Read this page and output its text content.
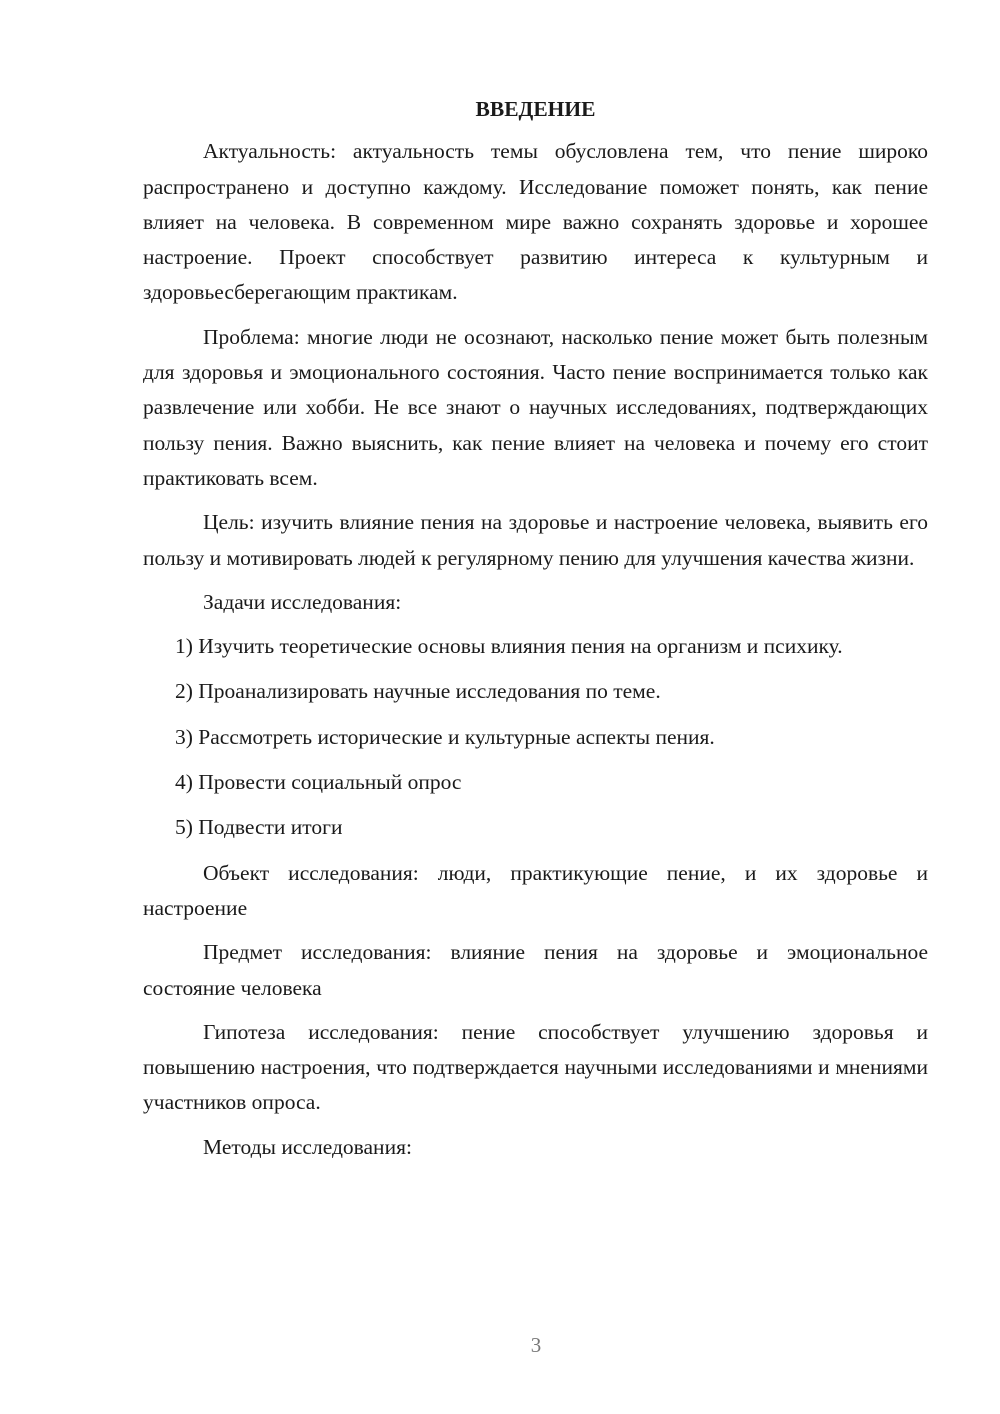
ВВЕДЕНИЕ

Актуальность: актуальность темы обусловлена тем, что пение широко распространено и доступно каждому. Исследование поможет понять, как пение влияет на человека. В современном мире важно сохранять здоровье и хорошее настроение. Проект способствует развитию интереса к культурным и здоровьесберегающим практикам.

Проблема: многие люди не осознают, насколько пение может быть полезным для здоровья и эмоционального состояния. Часто пение воспринимается только как развлечение или хобби. Не все знают о научных исследованиях, подтверждающих пользу пения. Важно выяснить, как пение влияет на человека и почему его стоит практиковать всем.

Цель: изучить влияние пения на здоровье и настроение человека, выявить его пользу и мотивировать людей к регулярному пению для улучшения качества жизни.

Задачи исследования:

1) Изучить теоретические основы влияния пения на организм и психику.

2) Проанализировать научные исследования по теме.

3) Рассмотреть исторические и культурные аспекты пения.

4) Провести социальный опрос

5) Подвести итоги

Объект исследования: люди, практикующие пение, и их здоровье и настроение

Предмет исследования: влияние пения на здоровье и эмоциональное состояние человека

Гипотеза исследования: пение способствует улучшению здоровья и повышению настроения, что подтверждается научными исследованиями и мнениями участников опроса.

Методы исследования:

3
